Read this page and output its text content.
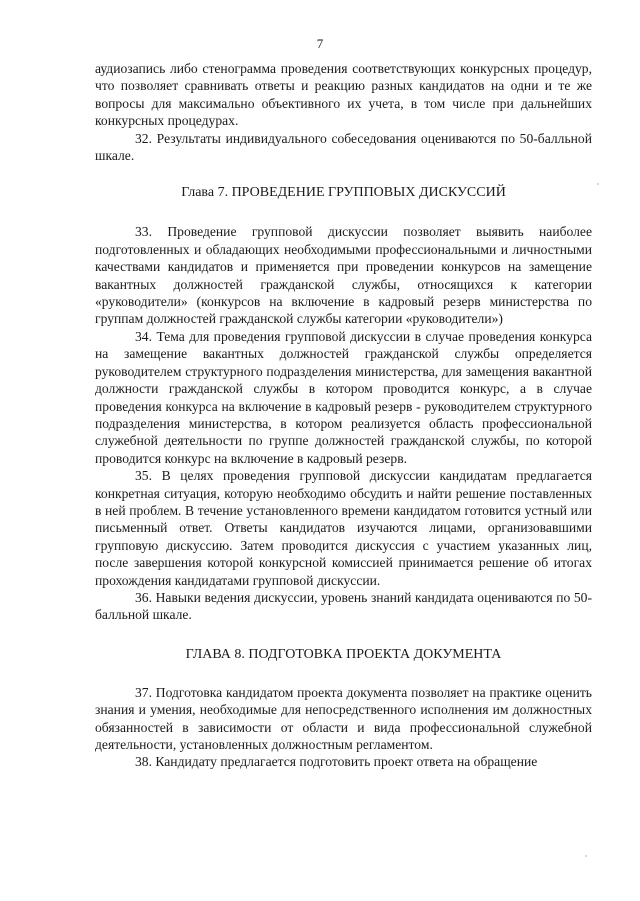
7

аудиозапись либо стенограмма проведения соответствующих конкурсных процедур, что позволяет сравнивать ответы и реакцию разных кандидатов на одни и те же вопросы для максимально объективного их учета, в том числе при дальнейших конкурсных процедурах.

32. Результаты индивидуального собеседования оцениваются по 50-балльной шкале.

Глава 7. ПРОВЕДЕНИЕ ГРУППОВЫХ ДИСКУССИЙ

33. Проведение групповой дискуссии позволяет выявить наиболее подготовленных и обладающих необходимыми профессиональными и личностными качествами кандидатов и применяется при проведении конкурсов на замещение вакантных должностей гражданской службы, относящихся к категории «руководители» (конкурсов на включение в кадровый резерв министерства по группам должностей гражданской службы категории «руководители»)

34. Тема для проведения групповой дискуссии в случае проведения конкурса на замещение вакантных должностей гражданской службы определяется руководителем структурного подразделения министерства, для замещения вакантной должности гражданской службы в котором проводится конкурс, а в случае проведения конкурса на включение в кадровый резерв - руководителем структурного подразделения министерства, в котором реализуется область профессиональной служебной деятельности по группе должностей гражданской службы, по которой проводится конкурс на включение в кадровый резерв.

35. В целях проведения групповой дискуссии кандидатам предлагается конкретная ситуация, которую необходимо обсудить и найти решение поставленных в ней проблем. В течение установленного времени кандидатом готовится устный или письменный ответ. Ответы кандидатов изучаются лицами, организовавшими групповую дискуссию. Затем проводится дискуссия с участием указанных лиц, после завершения которой конкурсной комиссией принимается решение об итогах прохождения кандидатами групповой дискуссии.

36. Навыки ведения дискуссии, уровень знаний кандидата оцениваются по 50-балльной шкале.

ГЛАВА 8. ПОДГОТОВКА ПРОЕКТА ДОКУМЕНТА

37. Подготовка кандидатом проекта документа позволяет на практике оценить знания и умения, необходимые для непосредственного исполнения им должностных обязанностей в зависимости от области и вида профессиональной служебной деятельности, установленных должностным регламентом.

38. Кандидату предлагается подготовить проект ответа на обращение
